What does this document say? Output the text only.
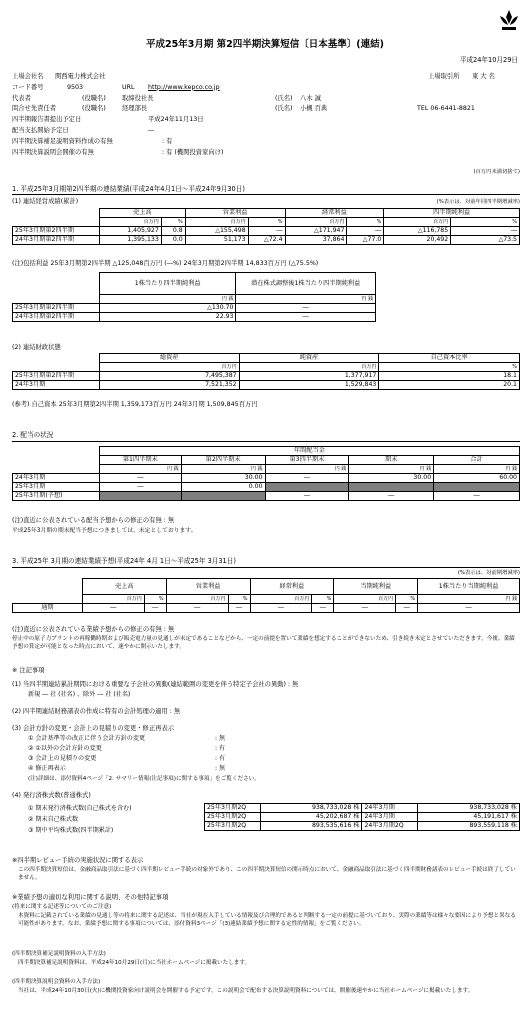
平成25年3月期 第2四半期決算短信〔日本基準〕(連結)
平成24年10月29日
上場会社名 関西電力株式会社	上場取引所 東 大 名
コード番号	9503	URL http://www.kepco.co.jp
代表者	(役職名)	取締役社長	(氏名) 八木 誠
問合せ先責任者	(役職名)	経理部長	(氏名) 小槻 百典	TEL 06-6441-8821
四半期報告書提出予定日	平成24年11月13日
配当支払開始予定日	―
四半期決算補足説明資料作成の有無	: 有
四半期決算説明会開催の有無	: 有 (機関投資家向け)
(百万円未満切捨て)
1. 平成25年3月期第2四半期の連結業績(平成24年4月1日～平成24年9月30日)
(1) 連結経営成績(累計)	(%表示は、対前年同四半期増減率)
	売上高		営業利益		経常利益		四半期純利益	
	百万円	%	百万円	%	百万円	%	百万円	%
25年3月期第2四半期	1,405,927	0.8	△155,498	―	△171,947	―	△116,785	―
24年3月期第2四半期	1,395,133	0.0	51,173	△72.4	37,864	△77.0	20,492	△73.5
(注)包括利益 25年3月期第2四半期 △125,048百万円 (―%) 24年3月期第2四半期 14,833百万円 (△75.5%)
	1株当たり四半期純利益	潜在株式調整後1株当たり四半期純利益
	円 銭	円 銭
25年3月期第2四半期	△130.70	―
24年3月期第2四半期	22.93	―
(2) 連結財政状態
	総資産	純資産	自己資本比率
	百万円	百万円	%
25年3月期第2四半期	7,495,387	1,377,917	18.1
24年3月期	7,521,352	1,529,843	20.1
(参考) 自己資本 25年3月期第2四半期 1,359,173百万円 24年3月期 1,509,845百万円
2. 配当の状況
	年間配当金				
	第1四半期末	第2四半期末	第3四半期末	期末	合計
	円 銭	円 銭	円 銭	円 銭	円 銭
24年3月期	―	30.00	―	30.00	60.00
25年3月期	―	0.00			
25年3月期(予想)			―	―	―
(注)直近に公表されている配当予想からの修正の有無 : 無
平成25年3月期の期末配当予想につきましては、未定としております。
3. 平成25年 3月期の連結業績予想(平成24年 4月 1日～平成25年 3月31日)
(%表示は、対前期増減率)
	売上高		営業利益		経常利益		当期純利益		1株当たり当期純利益
	百万円	%	百万円	%	百万円	%	百万円	%	円 銭
通期	―	―	―	―	―	―	―	―	―
(注)直近に公表されている業績予想からの修正の有無 : 無
停止中の原子力プラントの再稼働時期および販売電力量の見通しが未定であることなどから、一定の前提を置いて業績を想定することができないため、引き続き未定とさせていただきます。今後、業績予想の算定が可能となった時点において、速やかに開示いたします。
※ 注記事項
(1) 当四半期連結累計期間における重要な子会社の異動(連結範囲の変更を伴う特定子会社の異動) : 無
新規 ― 社 (社名) 、除外 ― 社 (社名)
(2) 四半期連結財務諸表の作成に特有の会計処理の適用 : 無
(3) 会計方針の変更・会計上の見積りの変更・修正再表示
① 会計基準等の改正に伴う会計方針の変更	: 無
② ①以外の会計方針の変更	: 有
③ 会計上の見積りの変更	: 有
④ 修正再表示	: 無
(注)詳細は、添付資料4ページ「2. サマリー情報(注記事項)に関する事項」をご覧ください。
(4) 発行済株式数(普通株式)
① 期末発行済株式数(自己株式を含む)
② 期末自己株式数
③ 期中平均株式数(四半期累計)
25年3月期2Q	938,733,028 株	24年3月期	938,733,028 株
25年3月期2Q	45,202,687 株	24年3月期	45,191,617 株
25年3月期2Q	893,535,616 株	24年3月期2Q	893,559,118 株
※四半期レビュー手続の実施状況に関する表示
この四半期決算短信は、金融商品取引法に基づく四半期レビュー手続の対象外であり、この四半期決算短信の開示時点において、金融商品取引法に基づく四半期財務諸表のレビュー手続は終了していません。
※業績予想の適切な利用に関する説明、その他特記事項
(将来に関する記述等についてのご注意)
本資料に記載されている業績の見通し等の将来に関する記述は、当社が現在入手している情報及び合理的であると判断する一定の前提に基づいており、実際の業績等は様々な要因により予想と異なる可能性があります。なお、業績予想に関する事項については、添付資料3ページ「(3)連結業績予想に関する定性的情報」をご覧ください。
(四半期決算補足説明資料の入手方法)
四半期決算補足説明資料は、平成24年10月29日(月)に当社ホームページに掲載いたします。
(四半期決算説明会資料の入手方法)
当社は、平成24年10月30日(火)に機関投資家向け説明会を開催する予定です。この説明会で配布する決算説明資料については、開催後速やかに当社ホームページに掲載いたします。
